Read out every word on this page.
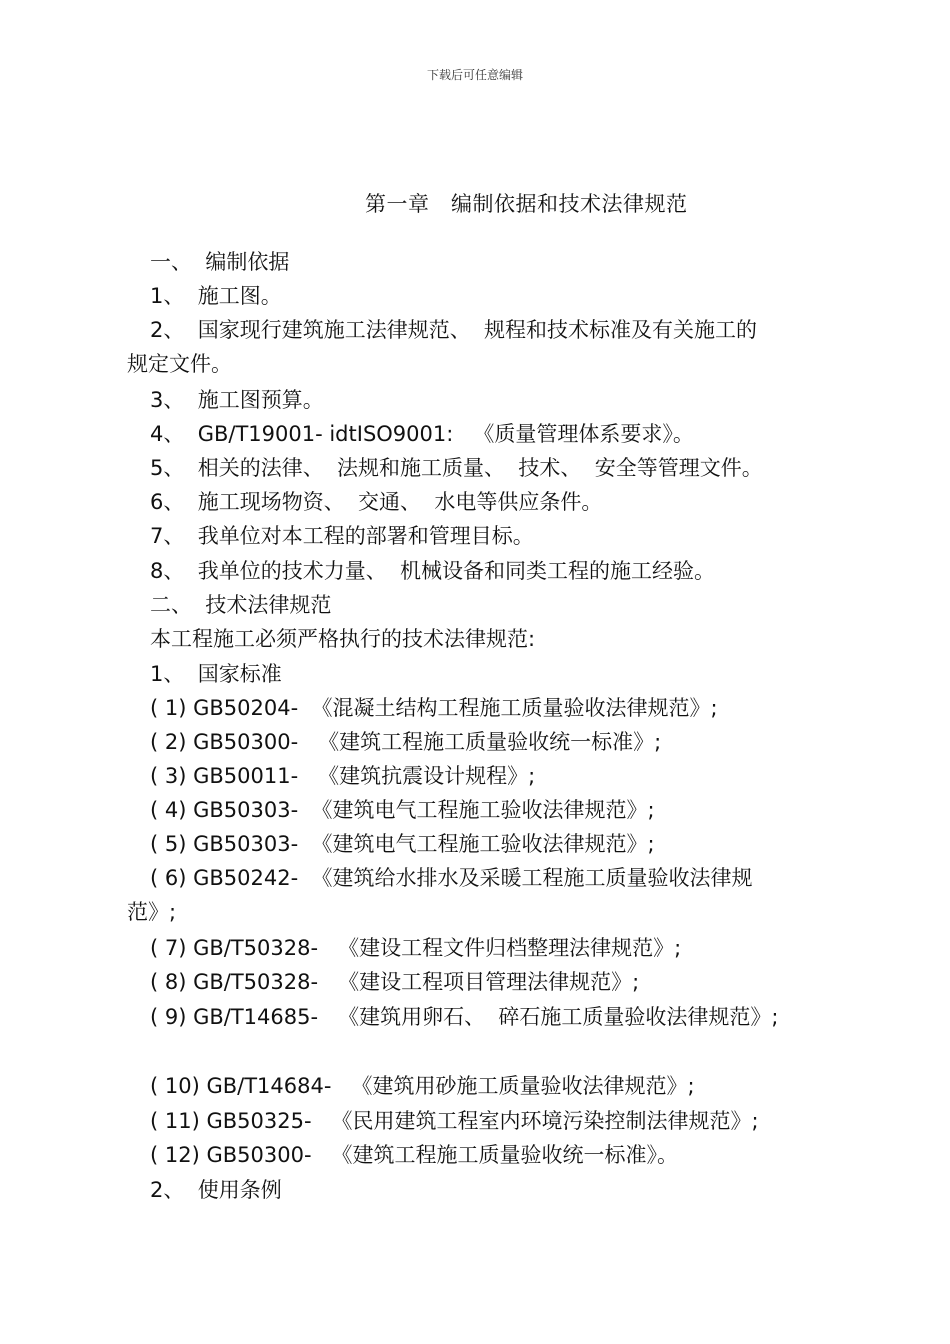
下载后可任意编辑
第一章   编制依据和技术法律规范
一、  编制依据
1、  施工图。
2、  国家现行建筑施工法律规范、  规程和技术标准及有关施工的
规定文件。
3、  施工图预算。
4、  GB/T19001- idtISO9001:   《质量管理体系要求》。
5、  相关的法律、  法规和施工质量、  技术、  安全等管理文件。
6、  施工现场物资、  交通、  水电等供应条件。
7、  我单位对本工程的部署和管理目标。
8、  我单位的技术力量、  机械设备和同类工程的施工经验。
二、  技术法律规范
本工程施工必须严格执行的技术法律规范:
1、  国家标准
( 1) GB50204-  《混凝土结构工程施工质量验收法律规范》;
( 2) GB50300-   《建筑工程施工质量验收统一标准》;
( 3) GB50011-   《建筑抗震设计规程》;
( 4) GB50303-  《建筑电气工程施工验收法律规范》;
( 5) GB50303-  《建筑电气工程施工验收法律规范》;
( 6) GB50242-  《建筑给水排水及采暖工程施工质量验收法律规
范》;
( 7) GB/T50328-   《建设工程文件归档整理法律规范》;
( 8) GB/T50328-   《建设工程项目管理法律规范》;
( 9) GB/T14685-   《建筑用卵石、  碎石施工质量验收法律规范》;
( 10) GB/T14684-   《建筑用砂施工质量验收法律规范》;
( 11) GB50325-   《民用建筑工程室内环境污染控制法律规范》;
( 12) GB50300-   《建筑工程施工质量验收统一标准》。
2、  使用条例
